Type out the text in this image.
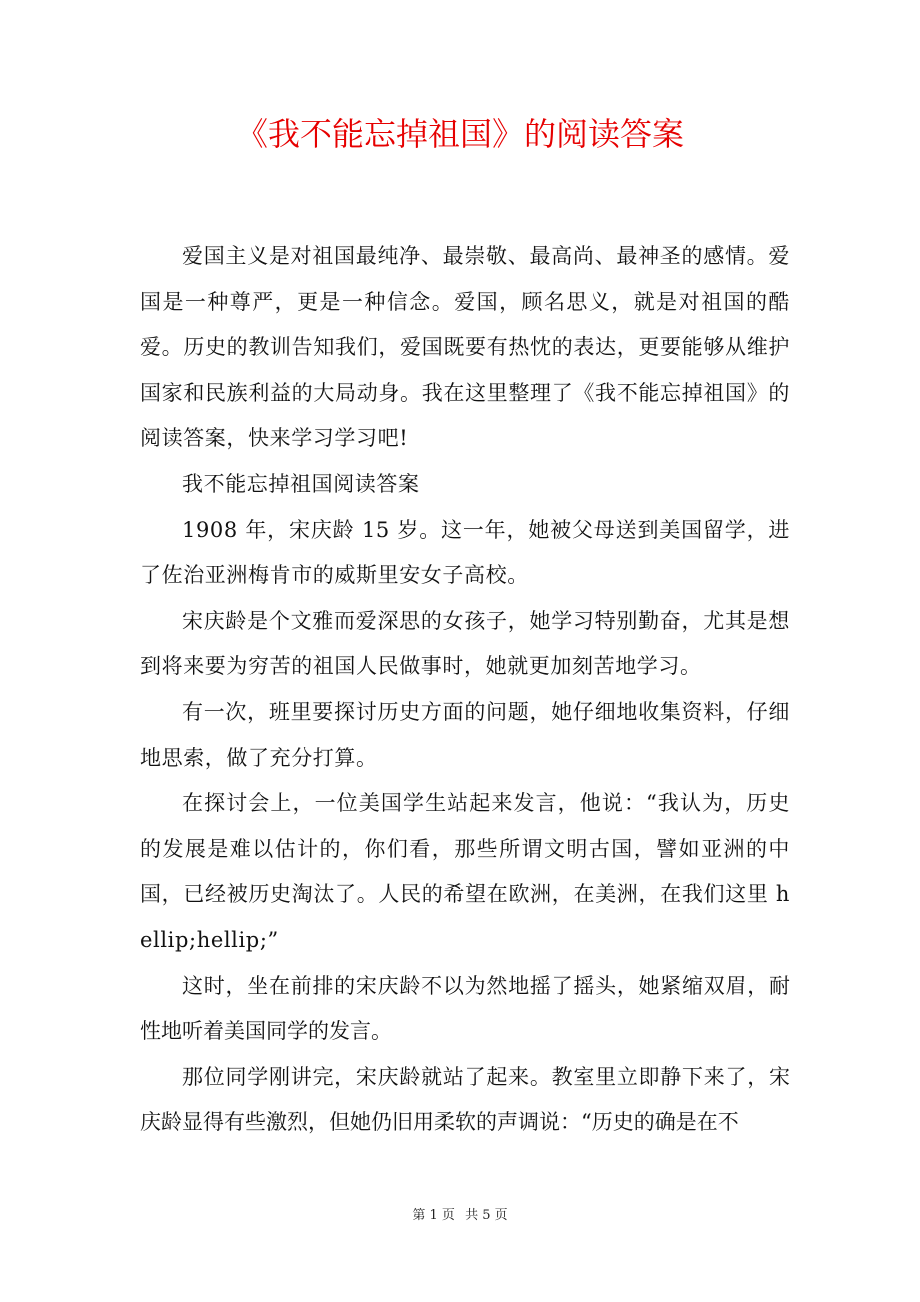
《我不能忘掉祖国》的阅读答案

爱国主义是对祖国最纯净、最崇敬、最高尚、最神圣的感情。爱国是一种尊严，更是一种信念。爱国，顾名思义，就是对祖国的酷爱。历史的教训告知我们，爱国既要有热忱的表达，更要能够从维护国家和民族利益的大局动身。我在这里整理了《我不能忘掉祖国》的阅读答案，快来学习学习吧!

我不能忘掉祖国阅读答案

1908 年，宋庆龄 15 岁。这一年，她被父母送到美国留学，进了佐治亚洲梅肯市的威斯里安女子高校。

宋庆龄是个文雅而爱深思的女孩子，她学习特别勤奋，尤其是想到将来要为穷苦的祖国人民做事时，她就更加刻苦地学习。

有一次，班里要探讨历史方面的问题，她仔细地收集资料，仔细地思索，做了充分打算。

在探讨会上，一位美国学生站起来发言，他说：“我认为，历史的发展是难以估计的，你们看，那些所谓文明古国，譬如亚洲的中国，已经被历史淘汰了。人民的希望在欧洲，在美洲，在我们这里 hellip;hellip;”

这时，坐在前排的宋庆龄不以为然地摇了摇头，她紧缩双眉，耐性地听着美国同学的发言。

那位同学刚讲完，宋庆龄就站了起来。教室里立即静下来了，宋庆龄显得有些激烈，但她仍旧用柔软的声调说：“历史的确是在不

第 1 页 共 5 页
